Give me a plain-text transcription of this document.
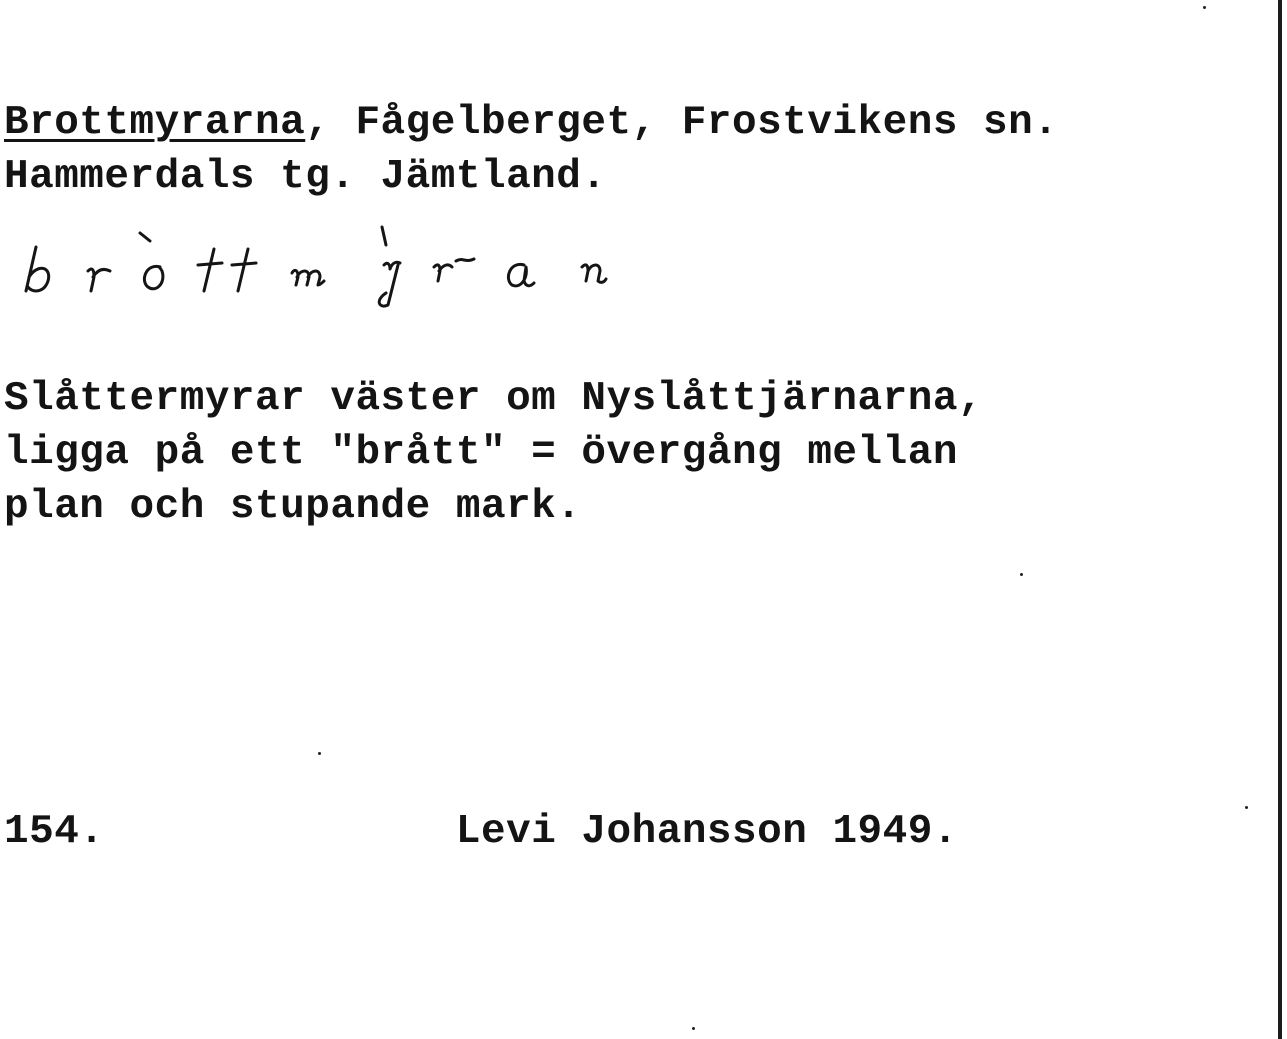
Brottmyrarna, Fågelberget, Frostvikens sn.
Hammerdals tg. Jämtland.
brȍttmýrran
Slåttermyrar väster om Nyslåttjärnarna,
ligga på ett "brått" = övergång mellan
plan och stupande mark.
154.	Levi Johansson 1949.
